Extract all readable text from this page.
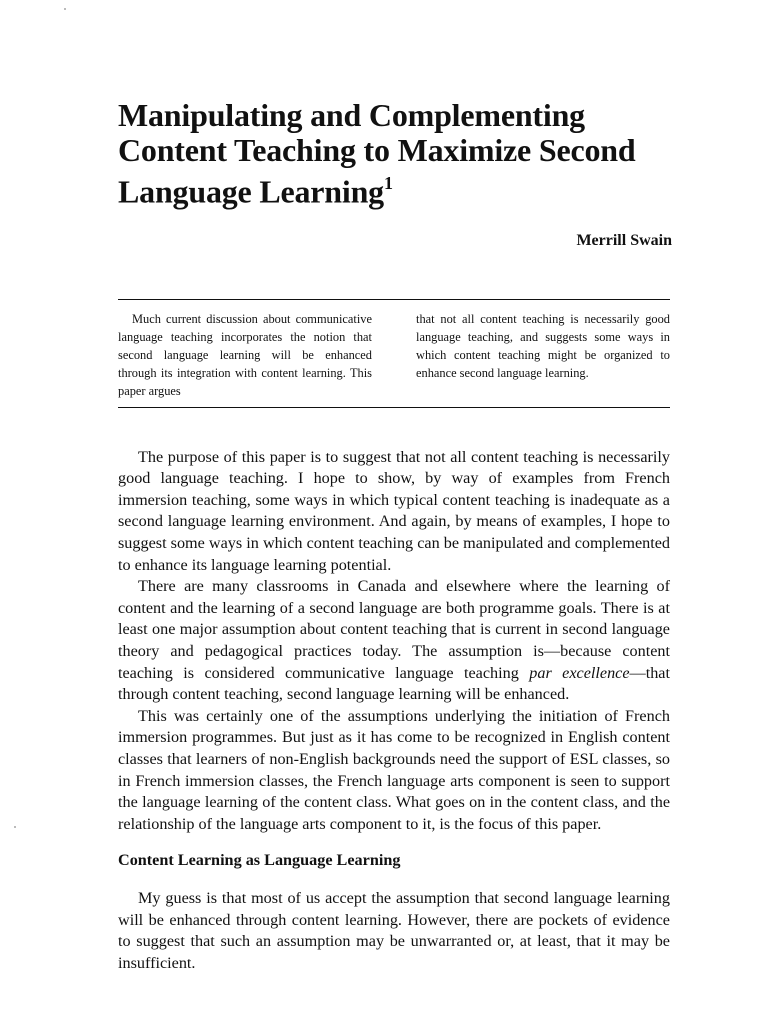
Manipulating and Complementing Content Teaching to Maximize Second Language Learning$^1$
Merrill Swain
Much current discussion about communicative language teaching incorporates the notion that second language learning will be enhanced through its integration with content learning. This paper argues
that not all content teaching is necessarily good language teaching, and suggests some ways in which content teaching might be organized to enhance second language learning.

The purpose of this paper is to suggest that not all content teaching is necessarily good language teaching. I hope to show, by way of examples from French immersion teaching, some ways in which typical content teaching is inadequate as a second language learning environment. And again, by means of examples, I hope to suggest some ways in which content teaching can be manipulated and complemented to enhance its language learning potential.

There are many classrooms in Canada and elsewhere where the learning of content and the learning of a second language are both programme goals. There is at least one major assumption about content teaching that is current in second language theory and pedagogical practices today. The assumption is—because content teaching is considered communicative language teaching par excellence—that through content teaching, second language learning will be enhanced.

This was certainly one of the assumptions underlying the initiation of French immersion programmes. But just as it has come to be recognized in English content classes that learners of non-English backgrounds need the support of ESL classes, so in French immersion classes, the French language arts component is seen to support the language learning of the content class. What goes on in the content class, and the relationship of the language arts component to it, is the focus of this paper.

Content Learning as Language Learning

My guess is that most of us accept the assumption that second language learning will be enhanced through content learning. However, there are pockets of evidence to suggest that such an assumption may be unwarranted or, at least, that it may be insufficient.
